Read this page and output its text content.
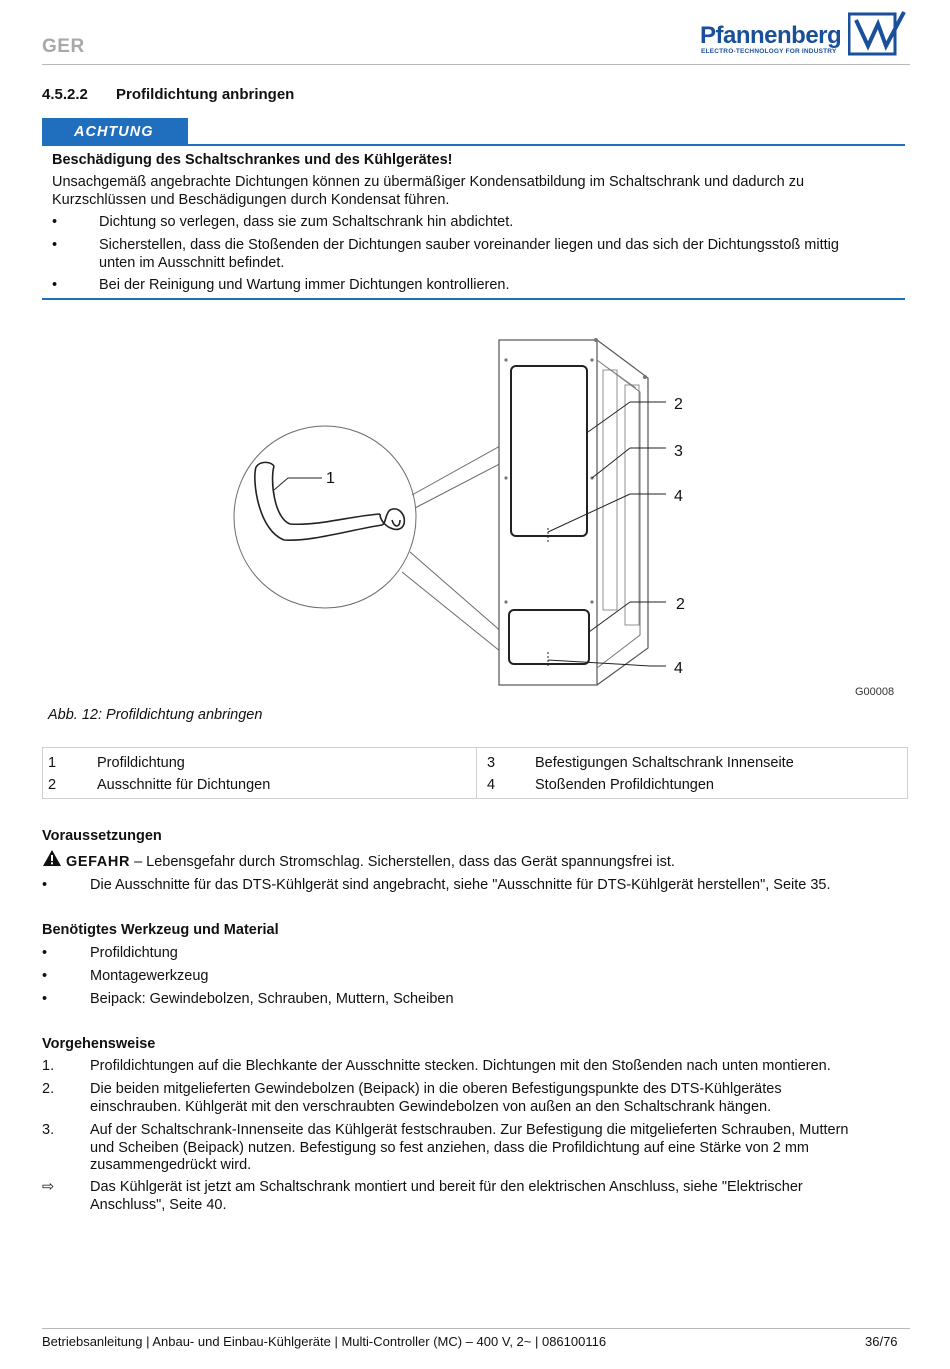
GER	Pfannenberg
ELECTRO-TECHNOLOGY FOR INDUSTRY
4.5.2.2 Profildichtung anbringen
ACHTUNG
Beschädigung des Schaltschrankes und des Kühlgerätes!
Unsachgemäß angebrachte Dichtungen können zu übermäßiger Kondensatbildung im Schaltschrank und dadurch zu
Kurzschlüssen und Beschädigungen durch Kondensat führen.
•	Dichtung so verlegen, dass sie zum Schaltschrank hin abdichtet.
•	Sicherstellen, dass die Stoßenden der Dichtungen sauber voreinander liegen und das sich der Dichtungsstoß mittig
unten im Ausschnitt befindet.
•	Bei der Reinigung und Wartung immer Dichtungen kontrollieren.
1
2
3
4
2
4
G00008
Abb. 12: Profildichtung anbringen
1	Profildichtung
2	Ausschnitte für Dichtungen
3	Befestigungen Schaltschrank Innenseite
4	Stoßenden Profildichtungen
Voraussetzungen
GEFAHR – Lebensgefahr durch Stromschlag. Sicherstellen, dass das Gerät spannungsfrei ist.
•	Die Ausschnitte für das DTS-Kühlgerät sind angebracht, siehe "Ausschnitte für DTS-Kühlgerät herstellen", Seite 35.
Benötigtes Werkzeug und Material
•	Profildichtung
•	Montagewerkzeug
•	Beipack: Gewindebolzen, Schrauben, Muttern, Scheiben
Vorgehensweise
1.	Profildichtungen auf die Blechkante der Ausschnitte stecken. Dichtungen mit den Stoßenden nach unten montieren.
2.	Die beiden mitgelieferten Gewindebolzen (Beipack) in die oberen Befestigungspunkte des DTS-Kühlgerätes
einschrauben. Kühlgerät mit den verschraubten Gewindebolzen von außen an den Schaltschrank hängen.
3.	Auf der Schaltschrank-Innenseite das Kühlgerät festschrauben. Zur Befestigung die mitgelieferten Schrauben, Muttern
und Scheiben (Beipack) nutzen. Befestigung so fest anziehen, dass die Profildichtung auf eine Stärke von 2 mm
zusammengedrückt wird.
⇨	Das Kühlgerät ist jetzt am Schaltschrank montiert und bereit für den elektrischen Anschluss, siehe "Elektrischer
Anschluss", Seite 40.
Betriebsanleitung | Anbau- und Einbau-Kühlgeräte | Multi-Controller (MC) – 400 V, 2~ | 086100116	36/76
